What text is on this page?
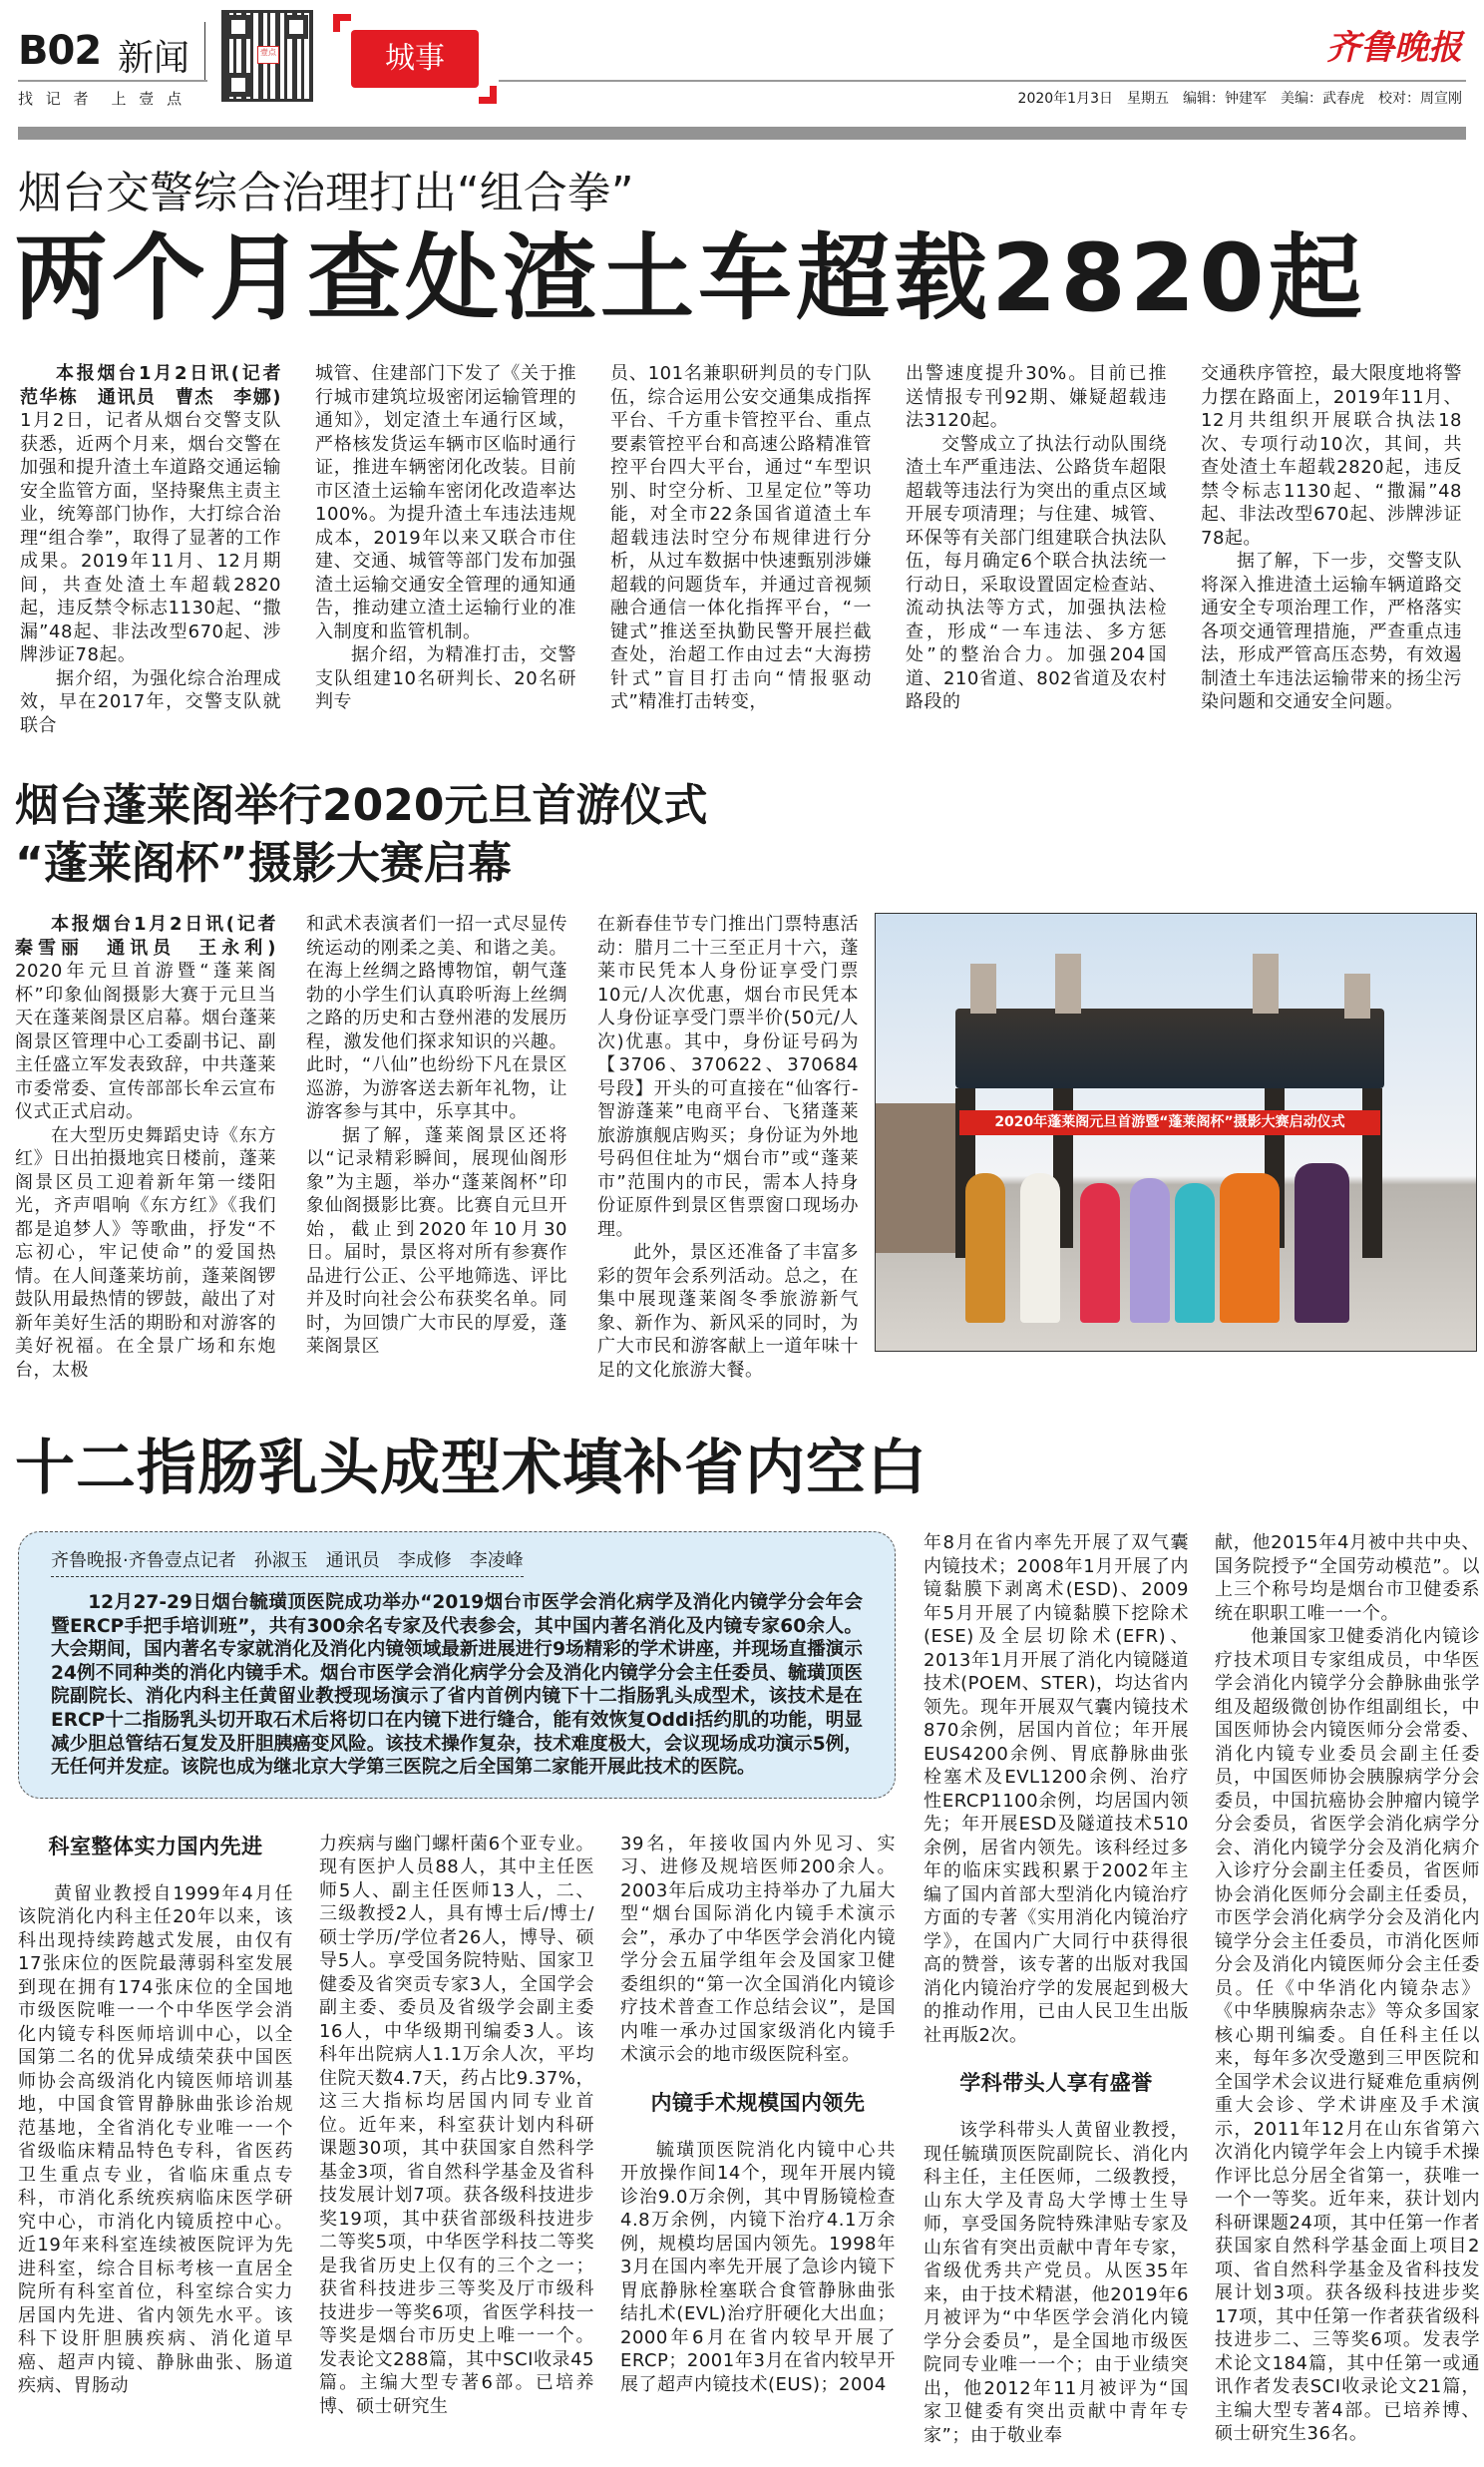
B02 新闻
找 记 者　上 壹 点
壹点	城事	齐鲁晚报
2020年1月3日　星期五　编辑：钟建军　美编：武春虎　校对：周宣刚
烟台交警综合治理打出“组合拳”
两个月查处渣土车超载2820起

本报烟台1月2日讯(记者　范华栋　通讯员　曹杰　李娜) 1月2日，记者从烟台交警支队获悉，近两个月来，烟台交警在加强和提升渣土车道路交通运输安全监管方面，坚持聚焦主责主业，统筹部门协作，大打综合治理“组合拳”，取得了显著的工作成果。2019年11月、12月期间，共查处渣土车超载2820起，违反禁令标志1130起、“撒漏”48起、非法改型670起、涉牌涉证78起。

据介绍，为强化综合治理成效，早在2017年，交警支队就联合

城管、住建部门下发了《关于推行城市建筑垃圾密闭运输管理的通知》，划定渣土车通行区域，严格核发货运车辆市区临时通行证，推进车辆密闭化改装。目前市区渣土运输车密闭化改造率达100%。为提升渣土车违法违规成本，2019年以来又联合市住建、交通、城管等部门发布加强渣土运输交通安全管理的通知通告，推动建立渣土运输行业的准入制度和监管机制。

据介绍，为精准打击，交警支队组建10名研判长、20名研判专

员、101名兼职研判员的专门队伍，综合运用公安交通集成指挥平台、千方重卡管控平台、重点要素管控平台和高速公路精准管控平台四大平台，通过“车型识别、时空分析、卫星定位”等功能，对全市22条国省道渣土车超载违法时空分布规律进行分析，从过车数据中快速甄别涉嫌超载的问题货车，并通过音视频融合通信一体化指挥平台，“一键式”推送至执勤民警开展拦截查处，治超工作由过去“大海捞针式”盲目打击向“情报驱动式”精准打击转变，

出警速度提升30%。目前已推送情报专刊92期、嫌疑超载违法3120起。

交警成立了执法行动队围绕渣土车严重违法、公路货车超限超载等违法行为突出的重点区域开展专项清理；与住建、城管、环保等有关部门组建联合执法队伍，每月确定6个联合执法统一行动日，采取设置固定检查站、流动执法等方式，加强执法检查，形成“一车违法、多方惩处”的整治合力。加强204国道、210省道、802省道及农村路段的

交通秩序管控，最大限度地将警力摆在路面上，2019年11月、12月共组织开展联合执法18次、专项行动10次，其间，共查处渣土车超载2820起，违反禁令标志1130起、“撒漏”48起、非法改型670起、涉牌涉证78起。

据了解，下一步，交警支队将深入推进渣土运输车辆道路交通安全专项治理工作，严格落实各项交通管理措施，严查重点违法，形成严管高压态势，有效遏制渣土车违法运输带来的扬尘污染问题和交通安全问题。

烟台蓬莱阁举行2020元旦首游仪式
“蓬莱阁杯”摄影大赛启幕

本报烟台1月2日讯(记者　秦雪丽　通讯员　王永利) 2020年元旦首游暨“蓬莱阁杯”印象仙阁摄影大赛于元旦当天在蓬莱阁景区启幕。烟台蓬莱阁景区管理中心工委副书记、副主任盛立军发表致辞，中共蓬莱市委常委、宣传部部长牟云宣布仪式正式启动。

在大型历史舞蹈史诗《东方红》日出拍摄地宾日楼前，蓬莱阁景区员工迎着新年第一缕阳光，齐声唱响《东方红》《我们都是追梦人》等歌曲，抒发“不忘初心，牢记使命”的爱国热情。在人间蓬莱坊前，蓬莱阁锣鼓队用最热情的锣鼓，敲出了对新年美好生活的期盼和对游客的美好祝福。在全景广场和东炮台，太极

和武术表演者们一招一式尽显传统运动的刚柔之美、和谐之美。在海上丝绸之路博物馆，朝气蓬勃的小学生们认真聆听海上丝绸之路的历史和古登州港的发展历程，激发他们探求知识的兴趣。此时，“八仙”也纷纷下凡在景区巡游，为游客送去新年礼物，让游客参与其中，乐享其中。

据了解，蓬莱阁景区还将以“记录精彩瞬间，展现仙阁形象”为主题，举办“蓬莱阁杯”印象仙阁摄影比赛。比赛自元旦开始，截止到2020年10月30日。届时，景区将对所有参赛作品进行公正、公平地筛选、评比并及时向社会公布获奖名单。同时，为回馈广大市民的厚爱，蓬莱阁景区

在新春佳节专门推出门票特惠活动：腊月二十三至正月十六，蓬莱市民凭本人身份证享受门票10元/人次优惠，烟台市民凭本人身份证享受门票半价(50元/人次)优惠。其中，身份证号码为【3706、370622、370684号段】开头的可直接在“仙客行-智游蓬莱”电商平台、飞猪蓬莱旅游旗舰店购买；身份证为外地号码但住址为“烟台市”或“蓬莱市”范围内的市民，需本人持身份证原件到景区售票窗口现场办理。

此外，景区还准备了丰富多彩的贺年会系列活动。总之，在集中展现蓬莱阁冬季旅游新气象、新作为、新风采的同时，为广大市民和游客献上一道年味十足的文化旅游大餐。

2020年蓬莱阁元旦首游暨“蓬莱阁杯”摄影大赛启动仪式
十二指肠乳头成型术填补省内空白
齐鲁晚报·齐鲁壹点记者　孙淑玉　通讯员　李成修　李凌峰
12月27-29日烟台毓璜顶医院成功举办“2019烟台市医学会消化病学及消化内镜学分会年会暨ERCP手把手培训班”，共有300余名专家及代表参会，其中国内著名消化及内镜专家60余人。大会期间，国内著名专家就消化及消化内镜领域最新进展进行9场精彩的学术讲座，并现场直播演示24例不同种类的消化内镜手术。烟台市医学会消化病学分会及消化内镜学分会主任委员、毓璜顶医院副院长、消化内科主任黄留业教授现场演示了省内首例内镜下十二指肠乳头成型术，该技术是在ERCP十二指肠乳头切开取石术后将切口在内镜下进行缝合，能有效恢复Oddi括约肌的功能，明显减少胆总管结石复发及肝胆胰癌变风险。该技术操作复杂，技术难度极大，会议现场成功演示5例，无任何并发症。该院也成为继北京大学第三医院之后全国第二家能开展此技术的医院。

科室整体实力国内先进

黄留业教授自1999年4月任该院消化内科主任20年以来，该科出现持续跨越式发展，由仅有17张床位的医院最薄弱科室发展到现在拥有174张床位的全国地市级医院唯一一个中华医学会消化内镜专科医师培训中心，以全国第二名的优异成绩荣获中国医师协会高级消化内镜医师培训基地，中国食管胃静脉曲张诊治规范基地，全省消化专业唯一一个省级临床精品特色专科，省医药卫生重点专业，省临床重点专科，市消化系统疾病临床医学研究中心，市消化内镜质控中心。近19年来科室连续被医院评为先进科室，综合目标考核一直居全院所有科室首位，科室综合实力居国内先进、省内领先水平。该科下设肝胆胰疾病、消化道早癌、超声内镜、静脉曲张、肠道疾病、胃肠动

力疾病与幽门螺杆菌6个亚专业。现有医护人员88人，其中主任医师5人、副主任医师13人，二、三级教授2人，具有博士后/博士/硕士学历/学位者26人，博导、硕导5人。享受国务院特贴、国家卫健委及省突贡专家3人，全国学会副主委、委员及省级学会副主委16人，中华级期刊编委3人。该科年出院病人1.1万余人次，平均住院天数4.7天，药占比9.37%，这三大指标均居国内同专业首位。近年来，科室获计划内科研课题30项，其中获国家自然科学基金3项，省自然科学基金及省科技发展计划7项。获各级科技进步奖19项，其中获省部级科技进步二等奖5项，中华医学科技二等奖是我省历史上仅有的三个之一；获省科技进步三等奖及厅市级科技进步一等奖6项，省医学科技一等奖是烟台市历史上唯一一个。发表论文288篇，其中SCI收录45篇。主编大型专著6部。已培养博、硕士研究生

39名，年接收国内外见习、实习、进修及规培医师200余人。2003年后成功主持举办了九届大型“烟台国际消化内镜手术演示会”，承办了中华医学会消化内镜学分会五届学组年会及国家卫健委组织的“第一次全国消化内镜诊疗技术普查工作总结会议”，是国内唯一承办过国家级消化内镜手术演示会的地市级医院科室。

内镜手术规模国内领先

毓璜顶医院消化内镜中心共开放操作间14个，现年开展内镜诊治9.0万余例，其中胃肠镜检查4.8万余例，内镜下治疗4.1万余例，规模均居国内领先。1998年3月在国内率先开展了急诊内镜下胃底静脉栓塞联合食管静脉曲张结扎术(EVL)治疗肝硬化大出血；2000年6月在省内较早开展了ERCP；2001年3月在省内较早开展了超声内镜技术(EUS)；2004

年8月在省内率先开展了双气囊内镜技术；2008年1月开展了内镜黏膜下剥离术(ESD)、2009年5月开展了内镜黏膜下挖除术(ESE)及全层切除术(EFR)、2013年1月开展了消化内镜隧道技术(POEM、STER)，均达省内领先。现年开展双气囊内镜技术870余例，居国内首位；年开展EUS4200余例、胃底静脉曲张栓塞术及EVL1200余例、治疗性ERCP1100余例，均居国内领先；年开展ESD及隧道技术510余例，居省内领先。该科经过多年的临床实践积累于2002年主编了国内首部大型消化内镜治疗方面的专著《实用消化内镜治疗学》，在国内广大同行中获得很高的赞誉，该专著的出版对我国消化内镜治疗学的发展起到极大的推动作用，已由人民卫生出版社再版2次。

学科带头人享有盛誉

该学科带头人黄留业教授，现任毓璜顶医院副院长、消化内科主任，主任医师，二级教授，山东大学及青岛大学博士生导师，享受国务院特殊津贴专家及山东省有突出贡献中青年专家，省级优秀共产党员。从医35年来，由于技术精湛，他2019年6月被评为“中华医学会消化内镜学分会委员”，是全国地市级医院同专业唯一一个；由于业绩突出，他2012年11月被评为“国家卫健委有突出贡献中青年专家”；由于敬业奉

献，他2015年4月被中共中央、国务院授予“全国劳动模范”。以上三个称号均是烟台市卫健委系统在职职工唯一一个。

他兼国家卫健委消化内镜诊疗技术项目专家组成员，中华医学会消化内镜学分会静脉曲张学组及超级微创协作组副组长，中国医师协会内镜医师分会常委、消化内镜专业委员会副主任委员，中国医师协会胰腺病学分会委员，中国抗癌协会肿瘤内镜学分会委员，省医学会消化病学分会、消化内镜学分会及消化病介入诊疗分会副主任委员，省医师协会消化医师分会副主任委员，市医学会消化病学分会及消化内镜学分会主任委员，市消化医师分会及消化内镜医师分会主任委员。任《中华消化内镜杂志》《中华胰腺病杂志》等众多国家核心期刊编委。自任科主任以来，每年多次受邀到三甲医院和全国学术会议进行疑难危重病例重大会诊、学术讲座及手术演示，2011年12月在山东省第六次消化内镜学年会上内镜手术操作评比总分居全省第一，获唯一一个一等奖。近年来，获计划内科研课题24项，其中任第一作者获国家自然科学基金面上项目2项、省自然科学基金及省科技发展计划3项。获各级科技进步奖17项，其中任第一作者获省级科技进步二、三等奖6项。发表学术论文184篇，其中任第一或通讯作者发表SCI收录论文21篇，主编大型专著4部。已培养博、硕士研究生36名。
